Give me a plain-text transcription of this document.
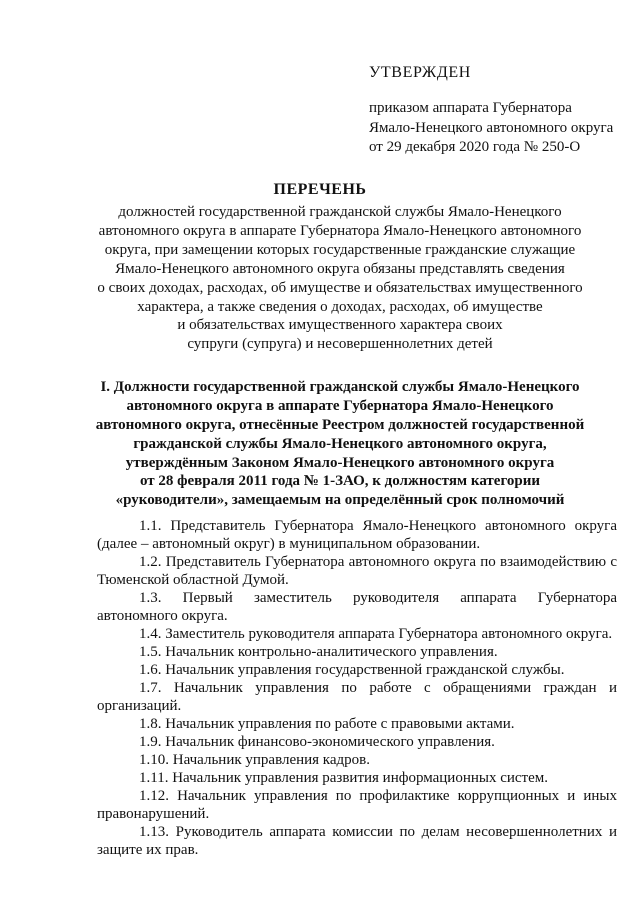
УТВЕРЖДЕН
приказом аппарата Губернатора
Ямало-Ненецкого автономного округа
от 29 декабря 2020 года № 250-О
ПЕРЕЧЕНЬ
должностей государственной гражданской службы Ямало-Ненецкого
автономного округа в аппарате Губернатора Ямало-Ненецкого автономного
округа, при замещении которых государственные гражданские служащие
Ямало-Ненецкого автономного округа обязаны представлять сведения
о своих доходах, расходах, об имуществе и обязательствах имущественного
характера, а также сведения о доходах, расходах, об имуществе
и обязательствах имущественного характера своих
супруги (супруга) и несовершеннолетних детей
I. Должности государственной гражданской службы Ямало-Ненецкого
автономного округа в аппарате Губернатора Ямало-Ненецкого
автономного округа, отнесённые Реестром должностей государственной
гражданской службы Ямало-Ненецкого автономного округа,
утверждённым Законом Ямало-Ненецкого автономного округа
от 28 февраля 2011 года № 1-ЗАО, к должностям категории
«руководители», замещаемым на определённый срок полномочий
1.1. Представитель Губернатора Ямало-Ненецкого автономного округа
(далее – автономный округ) в муниципальном образовании.
1.2. Представитель Губернатора автономного округа по взаимодействию с
Тюменской областной Думой.
1.3. Первый заместитель руководителя аппарата Губернатора
автономного округа.
1.4. Заместитель руководителя аппарата Губернатора автономного округа.
1.5. Начальник контрольно-аналитического управления.
1.6. Начальник управления государственной гражданской службы.
1.7. Начальник управления по работе с обращениями граждан и
организаций.
1.8. Начальник управления по работе с правовыми актами.
1.9. Начальник финансово-экономического управления.
1.10. Начальник управления кадров.
1.11. Начальник управления развития информационных систем.
1.12. Начальник управления по профилактике коррупционных и иных
правонарушений.
1.13. Руководитель аппарата комиссии по делам несовершеннолетних и
защите их прав.
